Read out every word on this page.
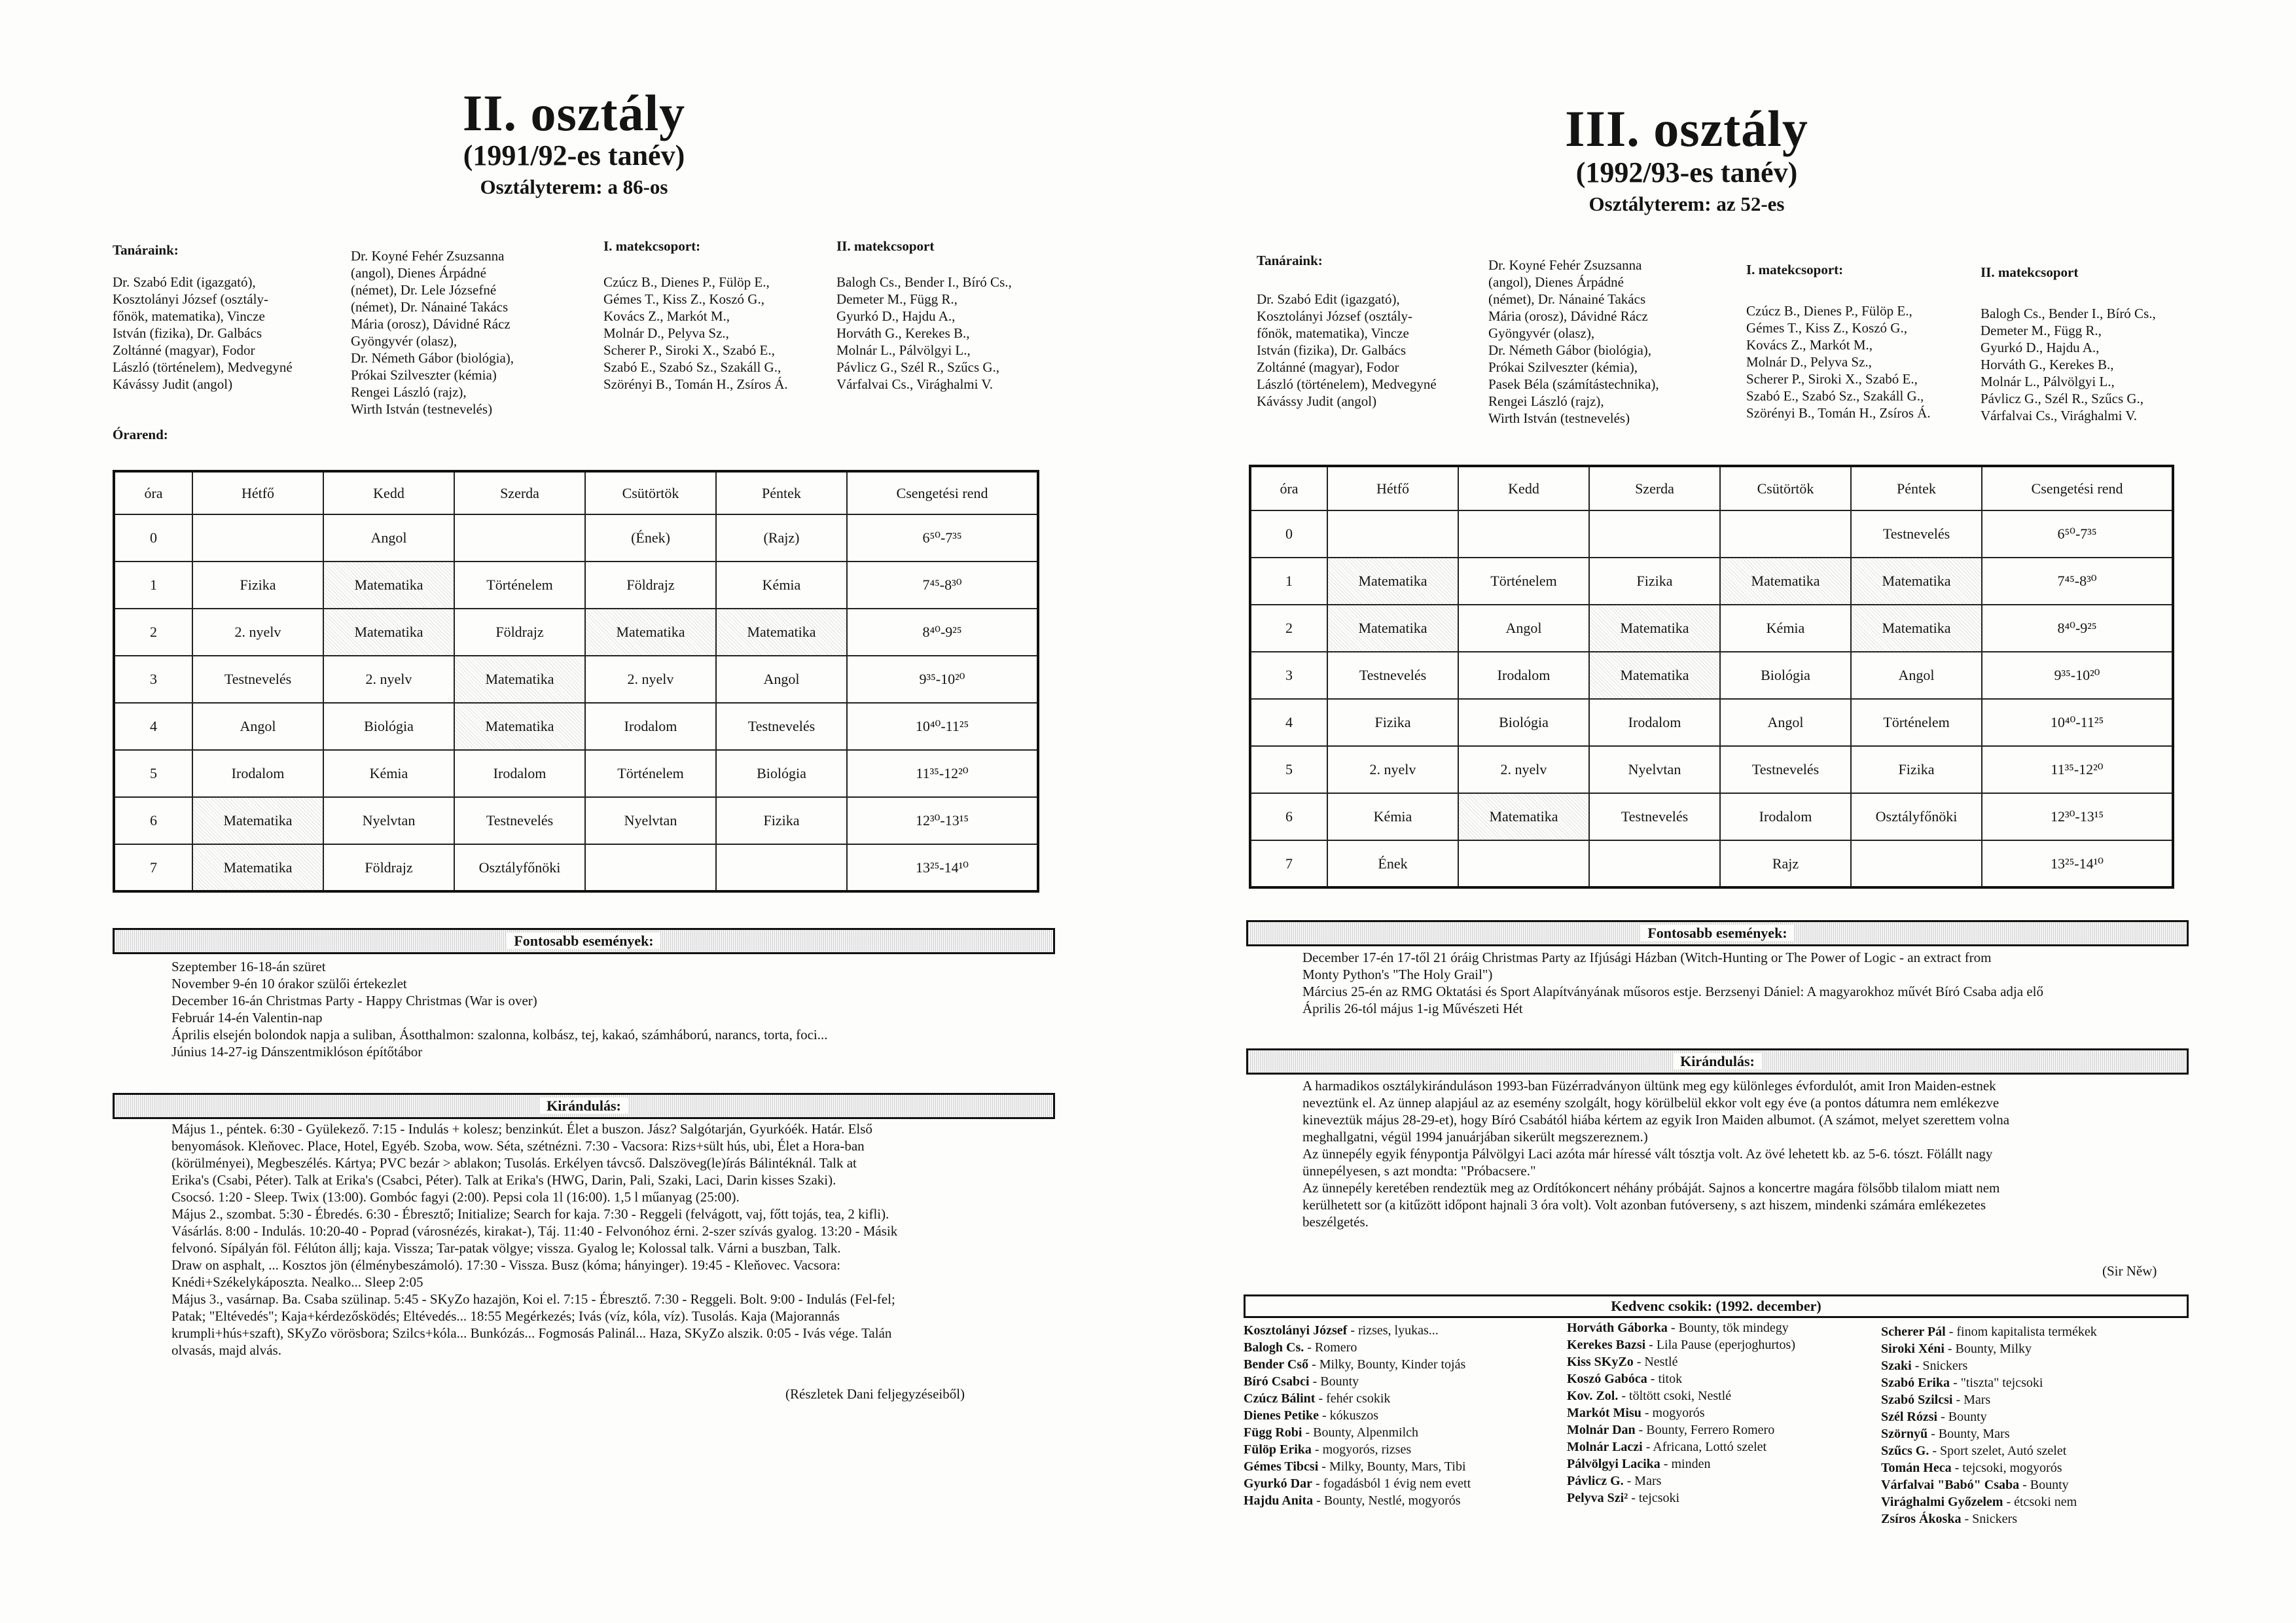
II. osztály
(1991/92-es tanév)
Osztályterem: a 86-os
Tanáraink:
Dr. Szabó Edit (igazgató),
Kosztolányi József (osztály-
főnök, matematika), Vincze
István (fizika), Dr. Galbács
Zoltánné (magyar), Fodor
László (történelem), Medvegyné
Kávássy Judit (angol)
Órarend:
Dr. Koyné Fehér Zsuzsanna
(angol), Dienes Árpádné
(német), Dr. Lele Józsefné
(német), Dr. Nánainé Takács
Mária (orosz), Dávidné Rácz
Gyöngyvér (olasz),
Dr. Németh Gábor (biológia),
Prókai Szilveszter (kémia)
Rengei László (rajz),
Wirth István (testnevelés)
I. matekcsoport:
Czúcz B., Dienes P., Fülöp E.,
Gémes T., Kiss Z., Koszó G.,
Kovács Z., Markót M.,
Molnár D., Pelyva Sz.,
Scherer P., Siroki X., Szabó E.,
Szabó E., Szabó Sz., Szakáll G.,
Szörényi B., Tomán H., Zsíros Á.
II. matekcsoport
Balogh Cs., Bender I., Bíró Cs.,
Demeter M., Függ R.,
Gyurkó D., Hajdu A.,
Horváth G., Kerekes B.,
Molnár L., Pálvölgyi L.,
Pávlicz G., Szél R., Szűcs G.,
Várfalvai Cs., Virághalmi V.
óra	Hétfő	Kedd	Szerda	Csütörtök	Péntek	Csengetési rend
0		Angol		(Ének)	(Rajz)	6⁵⁰-7³⁵
1	Fizika	Matematika	Történelem	Földrajz	Kémia	7⁴⁵-8³⁰
2	2. nyelv	Matematika	Földrajz	Matematika	Matematika	8⁴⁰-9²⁵
3	Testnevelés	2. nyelv	Matematika	2. nyelv	Angol	9³⁵-10²⁰
4	Angol	Biológia	Matematika	Irodalom	Testnevelés	10⁴⁰-11²⁵
5	Irodalom	Kémia	Irodalom	Történelem	Biológia	11³⁵-12²⁰
6	Matematika	Nyelvtan	Testnevelés	Nyelvtan	Fizika	12³⁰-13¹⁵
7	Matematika	Földrajz	Osztályfőnöki			13²⁵-14¹⁰
Fontosabb események:
Szeptember 16-18-án szüret
November 9-én 10 órakor szülői értekezlet
December 16-án Christmas Party - Happy Christmas (War is over)
Február 14-én Valentin-nap
Április elsején bolondok napja a suliban, Ásotthalmon: szalonna, kolbász, tej, kakaó, számháború, narancs, torta, foci...
Június 14-27-ig Dánszentmiklóson építőtábor
Kirándulás:
Május 1., péntek. 6:30 - Gyülekező. 7:15 - Indulás + kolesz; benzinkút. Élet a buszon. Jász? Salgótarján, Gyurkóék. Határ. Első
benyomások. Kleňovec. Place, Hotel, Egyéb. Szoba, wow. Séta, szétnézni. 7:30 - Vacsora: Rizs+sült hús, ubi, Élet a Hora-ban
(körülményei), Megbeszélés. Kártya; PVC bezár > ablakon; Tusolás. Erkélyen távcső. Dalszöveg(le)írás Bálintéknál. Talk at
Erika's (Csabi, Péter). Talk at Erika's (Csabci, Péter). Talk at Erika's (HWG, Darin, Pali, Szaki, Laci, Darin kisses Szaki).
Csocsó. 1:20 - Sleep. Twix (13:00). Gombóc fagyi (2:00). Pepsi cola 1l (16:00). 1,5 l műanyag (25:00).
Május 2., szombat. 5:30 - Ébredés. 6:30 - Ébresztő; Initialize; Search for kaja. 7:30 - Reggeli (felvágott, vaj, főtt tojás, tea, 2 kifli).
Vásárlás. 8:00 - Indulás. 10:20-40 - Poprad (városnézés, kirakat-), Táj. 11:40 - Felvonóhoz érni. 2-szer szívás gyalog. 13:20 - Másik
felvonó. Sípályán föl. Félúton állj; kaja. Vissza; Tar-patak völgye; vissza. Gyalog le; Kolossal talk. Várni a buszban, Talk.
Draw on asphalt, ... Kosztos jön (élménybeszámoló). 17:30 - Vissza. Busz (kóma; hányinger). 19:45 - Kleňovec. Vacsora:
Knédi+Székelykáposzta. Nealko... Sleep 2:05
Május 3., vasárnap. Ba. Csaba szülinap. 5:45 - SKyZo hazajön, Koi el. 7:15 - Ébresztő. 7:30 - Reggeli. Bolt. 9:00 - Indulás (Fel-fel;
Patak; "Eltévedés"; Kaja+kérdezősködés; Eltévedés... 18:55 Megérkezés; Ivás (víz, kóla, víz). Tusolás. Kaja (Majorannás
krumpli+hús+szaft), SKyZo vörösbora; Szilcs+kóla... Bunkózás... Fogmosás Palinál... Haza, SKyZo alszik. 0:05 - Ivás vége. Talán
olvasás, majd alvás.
(Részletek Dani feljegyzéseiből)
III. osztály
(1992/93-es tanév)
Osztályterem: az 52-es
Tanáraink:
Dr. Szabó Edit (igazgató),
Kosztolányi József (osztály-
főnök, matematika), Vincze
István (fizika), Dr. Galbács
Zoltánné (magyar), Fodor
László (történelem), Medvegyné
Kávássy Judit (angol)
Dr. Koyné Fehér Zsuzsanna
(angol), Dienes Árpádné
(német), Dr. Nánainé Takács
Mária (orosz), Dávidné Rácz
Gyöngyvér (olasz),
Dr. Németh Gábor (biológia),
Prókai Szilveszter (kémia),
Pasek Béla (számítástechnika),
Rengei László (rajz),
Wirth István (testnevelés)
I. matekcsoport:
Czúcz B., Dienes P., Fülöp E.,
Gémes T., Kiss Z., Koszó G.,
Kovács Z., Markót M.,
Molnár D., Pelyva Sz.,
Scherer P., Siroki X., Szabó E.,
Szabó E., Szabó Sz., Szakáll G.,
Szörényi B., Tomán H., Zsíros Á.
II. matekcsoport
Balogh Cs., Bender I., Bíró Cs.,
Demeter M., Függ R.,
Gyurkó D., Hajdu A.,
Horváth G., Kerekes B.,
Molnár L., Pálvölgyi L.,
Pávlicz G., Szél R., Szűcs G.,
Várfalvai Cs., Virághalmi V.
óra	Hétfő	Kedd	Szerda	Csütörtök	Péntek	Csengetési rend
0					Testnevelés	6⁵⁰-7³⁵
1	Matematika	Történelem	Fizika	Matematika	Matematika	7⁴⁵-8³⁰
2	Matematika	Angol	Matematika	Kémia	Matematika	8⁴⁰-9²⁵
3	Testnevelés	Irodalom	Matematika	Biológia	Angol	9³⁵-10²⁰
4	Fizika	Biológia	Irodalom	Angol	Történelem	10⁴⁰-11²⁵
5	2. nyelv	2. nyelv	Nyelvtan	Testnevelés	Fizika	11³⁵-12²⁰
6	Kémia	Matematika	Testnevelés	Irodalom	Osztályfőnöki	12³⁰-13¹⁵
7	Ének			Rajz		13²⁵-14¹⁰
Fontosabb események:
December 17-én 17-től 21 óráig Christmas Party az Ifjúsági Házban (Witch-Hunting or The Power of Logic - an extract from
Monty Python's "The Holy Grail")
Március 25-én az RMG Oktatási és Sport Alapítványának műsoros estje. Berzsenyi Dániel: A magyarokhoz művét Bíró Csaba adja elő
Április 26-tól május 1-ig Művészeti Hét
Kirándulás:
A harmadikos osztálykiránduláson 1993-ban Füzérradványon ültünk meg egy különleges évfordulót, amit Iron Maiden-estnek
neveztünk el. Az ünnep alapjául az az esemény szolgált, hogy körülbelül ekkor volt egy éve (a pontos dátumra nem emlékezve
kineveztük május 28-29-et), hogy Bíró Csabától hiába kértem az egyik Iron Maiden albumot. (A számot, melyet szerettem volna
meghallgatni, végül 1994 januárjában sikerült megszereznem.)
Az ünnepély egyik fénypontja Pálvölgyi Laci azóta már híressé vált tósztja volt. Az övé lehetett kb. az 5-6. tószt. Fölállt nagy
ünnepélyesen, s azt mondta: "Próbacsere."
Az ünnepély keretében rendeztük meg az Ordítókoncert néhány próbáját. Sajnos a koncertre magára fölsőbb tilalom miatt nem
kerülhetett sor (a kitűzött időpont hajnali 3 óra volt). Volt azonban futóverseny, s azt hiszem, mindenki számára emlékezetes
beszélgetés.
(Sir Něw)
Kedvenc csokik: (1992. december)
Kosztolányi József - rizses, lyukas...
Balogh Cs. - Romero
Bender Cső - Milky, Bounty, Kinder tojás
Bíró Csabci - Bounty
Czúcz Bálint - fehér csokik
Dienes Petike - kókuszos
Függ Robi - Bounty, Alpenmilch
Fülöp Erika - mogyorós, rizses
Gémes Tibcsi - Milky, Bounty, Mars, Tibi
Gyurkó Dar - fogadásból 1 évig nem evett
Hajdu Anita - Bounty, Nestlé, mogyorós
Horváth Gáborka - Bounty, tök mindegy
Kerekes Bazsi - Lila Pause (eperjoghurtos)
Kiss SKyZo - Nestlé
Koszó Gabóca - titok
Kov. Zol. - töltött csoki, Nestlé
Markót Misu - mogyorós
Molnár Dan - Bounty, Ferrero Romero
Molnár Laczi - Africana, Lottó szelet
Pálvölgyi Lacika - minden
Pávlicz G. - Mars
Pelyva Szi² - tejcsoki
Scherer Pál - finom kapitalista termékek
Siroki Xéni - Bounty, Milky
Szaki - Snickers
Szabó Erika - "tiszta" tejcsoki
Szabó Szilcsi - Mars
Szél Rózsi - Bounty
Szörnyű - Bounty, Mars
Szűcs G. - Sport szelet, Autó szelet
Tomán Heca - tejcsoki, mogyorós
Várfalvai "Babó" Csaba - Bounty
Virághalmi Győzelem - étcsoki nem
Zsíros Ákoska - Snickers
